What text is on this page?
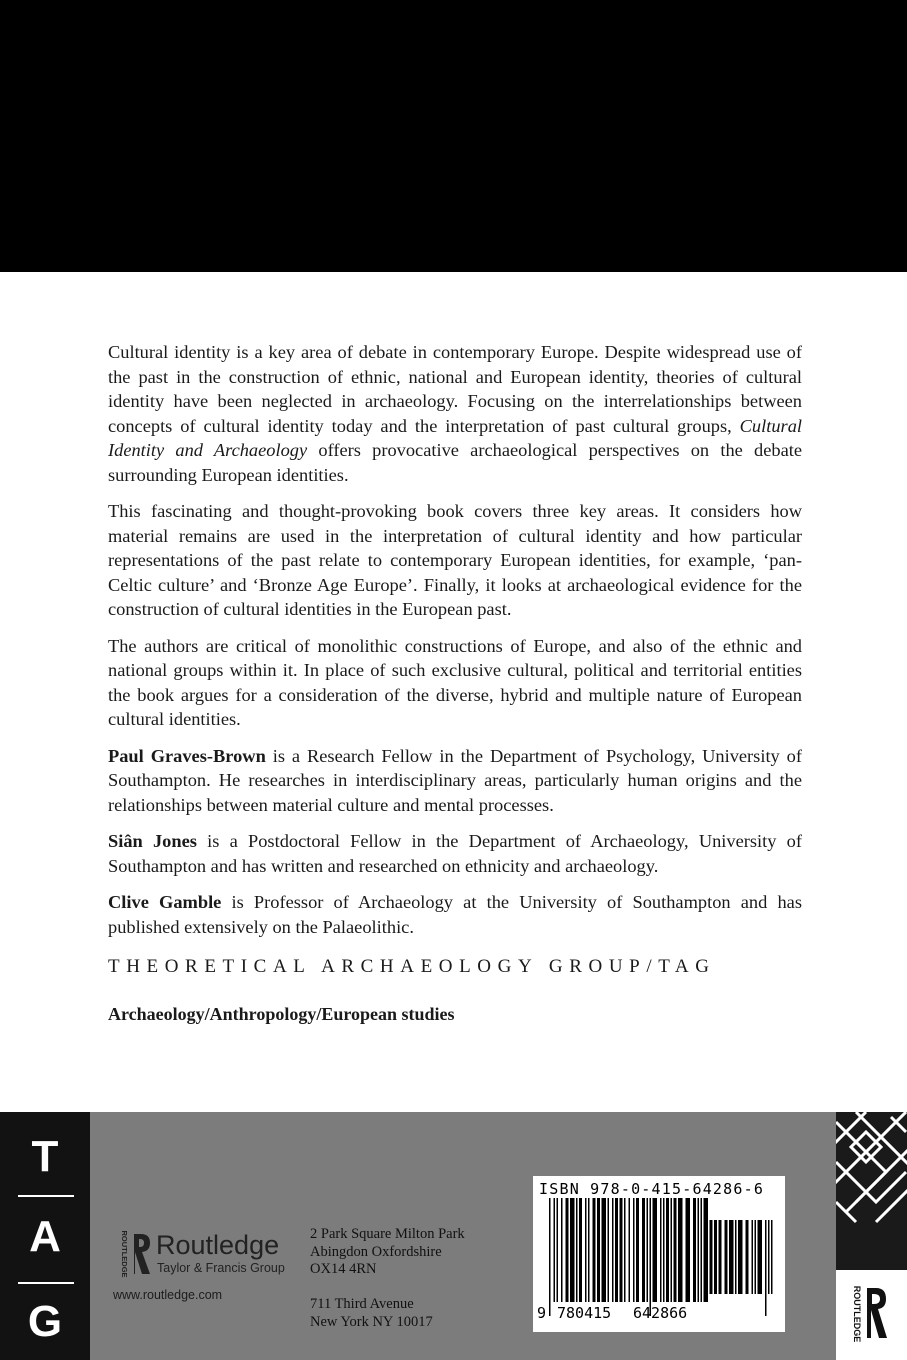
Cultural identity is a key area of debate in contemporary Europe. Despite widespread use of the past in the construction of ethnic, national and European identity, theories of cultural identity have been neglected in archaeology. Focusing on the interrelationships between concepts of cultural identity today and the interpretation of past cultural groups, Cultural Identity and Archaeology offers provocative archaeological perspectives on the debate surrounding European identities.

This fascinating and thought-provoking book covers three key areas. It considers how material remains are used in the interpretation of cultural identity and how particular representations of the past relate to contemporary European identities, for example, ‘pan-Celtic culture’ and ‘Bronze Age Europe’. Finally, it looks at archaeological evidence for the construction of cultural identities in the European past.

The authors are critical of monolithic constructions of Europe, and also of the ethnic and national groups within it. In place of such exclusive cultural, political and territorial entities the book argues for a consideration of the diverse, hybrid and multiple nature of European cultural identities.

Paul Graves-Brown is a Research Fellow in the Department of Psychology, University of Southampton. He researches in interdisciplinary areas, particularly human origins and the relationships between material culture and mental processes.

Siân Jones is a Postdoctoral Fellow in the Department of Archaeology, University of Southampton and has written and researched on ethnicity and archaeology.

Clive Gamble is Professor of Archaeology at the University of Southampton and has published extensively on the Palaeolithic.

THEORETICAL ARCHAEOLOGY GROUP/TAG
Archaeology/Anthropology/European studies
T
A
G
ROUTLEDGE Routledge
Taylor & Francis Group
www.routledge.com
2 Park Square Milton Park
Abingdon Oxfordshire
OX14 4RN
711 Third Avenue
New York NY 10017
ISBN 978-0-415-64286-6
9 780415 642866	ROUTLEDGE
